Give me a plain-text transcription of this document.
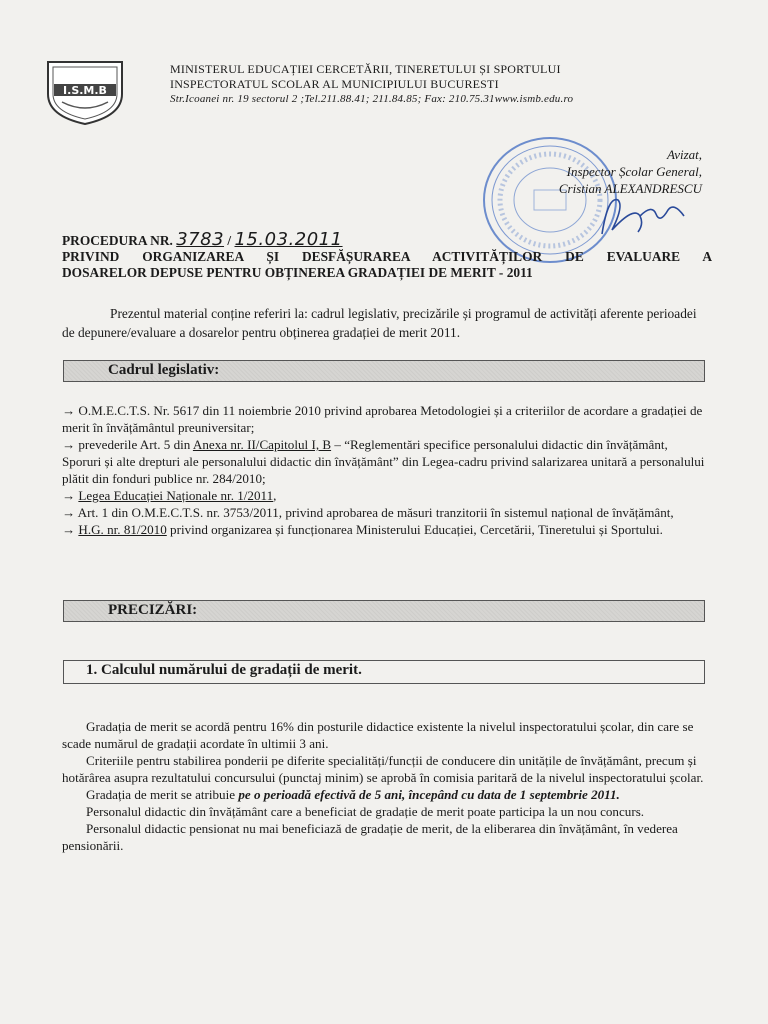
I.S.M.B
MINISTERUL EDUCAȚIEI CERCETĂRII, TINERETULUI ȘI SPORTULUI
INSPECTORATUL SCOLAR AL MUNICIPIULUI BUCURESTI
Str.Icoanei nr. 19 sectorul 2 ;Tel.211.88.41; 211.84.85; Fax: 210.75.31www.ismb.edu.ro
Avizat,
Inspector Școlar General,
Cristian ALEXANDRESCU
PROCEDURA NR. 3783 / 15.03.2011
PRIVIND ORGANIZAREA ȘI DESFĂȘURAREA ACTIVITĂȚILOR DE EVALUARE A
DOSARELOR DEPUSE PENTRU OBȚINEREA GRADAȚIEI DE MERIT - 2011
Prezentul material conține referiri la: cadrul legislativ, precizările și programul de activități aferente perioadei de depunere/evaluare a dosarelor pentru obținerea gradației de merit 2011.
Cadrul legislativ:

→ O.M.E.C.T.S. Nr. 5617 din 11 noiembrie 2010 privind aprobarea Metodologiei și a criteriilor de acordare a gradației de merit în învățământul preuniversitar;

→ prevederile Art. 5 din Anexa nr. II/Capitolul I, B – “Reglementări specifice personalului didactic din învățământ, Sporuri și alte drepturi ale personalului didactic din învățământ” din Legea-cadru privind salarizarea unitară a personalului plătit din fonduri publice nr. 284/2010;

→ Legea Educației Naționale nr. 1/2011,

→ Art. 1 din O.M.E.C.T.S. nr. 3753/2011, privind aprobarea de măsuri tranzitorii în sistemul național de învățământ,

→ H.G. nr. 81/2010 privind organizarea și funcționarea Ministerului Educației, Cercetării, Tineretului și Sportului.

PRECIZĂRI:
1. Calculul numărului de gradații de merit.

Gradația de merit se acordă pentru 16% din posturile didactice existente la nivelul inspectoratului școlar, din care se scade numărul de gradații acordate în ultimii 3 ani.

Criteriile pentru stabilirea ponderii pe diferite specialități/funcții de conducere din unitățile de învățământ, precum și hotărârea asupra rezultatului concursului (punctaj minim) se aprobă în comisia paritară de la nivelul inspectoratului școlar.

Gradația de merit se atribuie pe o perioadă efectivă de 5 ani, începând cu data de 1 septembrie 2011.

Personalul didactic din învățământ care a beneficiat de gradație de merit poate participa la un nou concurs.

Personalul didactic pensionat nu mai beneficiază de gradație de merit, de la eliberarea din învățământ, în vederea pensionării.
